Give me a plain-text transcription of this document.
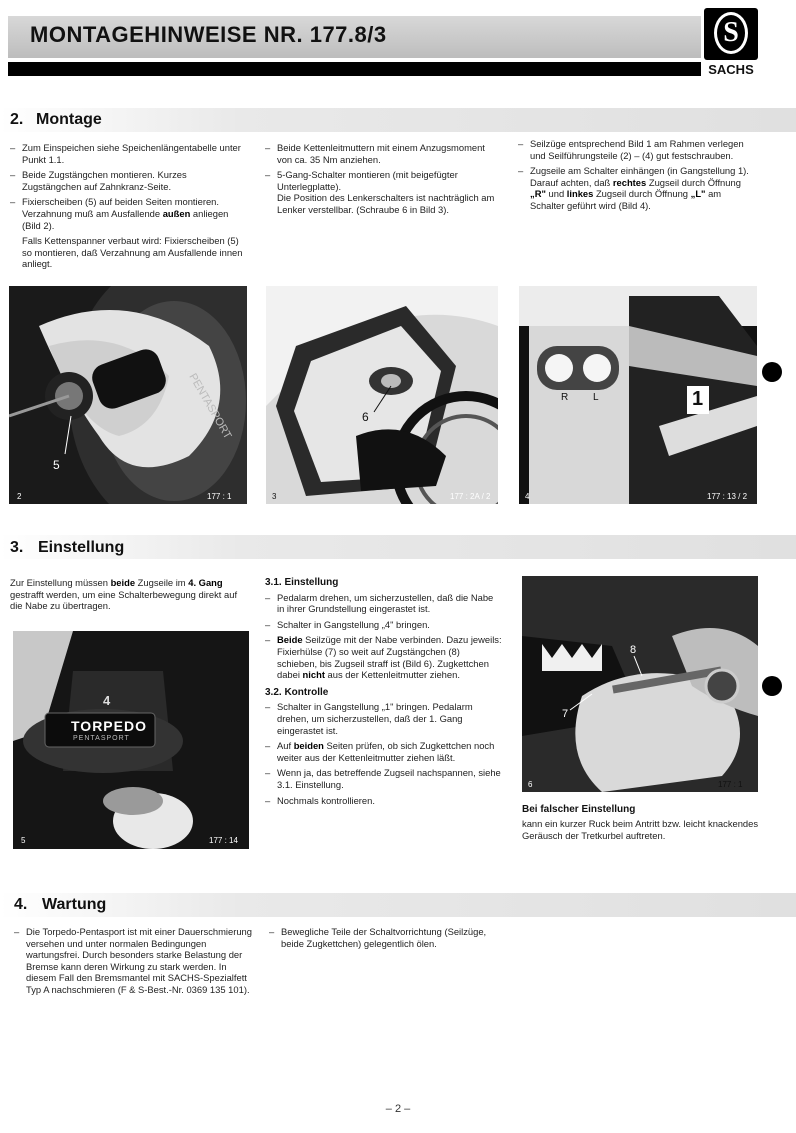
MONTAGEHINWEISE NR. 177.8/3	S
SACHS
2. Montage
– Zum Einspeichen siehe Speichenlängentabelle unter Punkt 1.1.
– Beide Zugstängchen montieren. Kurzes Zugstängchen auf Zahnkranz-Seite.
– Fixierscheiben (5) auf beiden Seiten montieren. Verzahnung muß am Ausfallende außen anliegen (Bild 2).
Falls Kettenspanner verbaut wird: Fixierscheiben (5) so montieren, daß Verzahnung am Ausfallende innen anliegt.
– Beide Kettenleitmuttern mit einem Anzugsmoment von ca. 35 Nm anziehen.
– 5-Gang-Schalter montieren (mit beigefügter Unterlegplatte).
Die Position des Lenkerschalters ist nachträglich am Lenker verstellbar. (Schraube 6 in Bild 3).
– Seilzüge entsprechend Bild 1 am Rahmen verlegen und Seilführungsteile (2) – (4) gut festschrauben.
– Zugseile am Schalter einhängen (in Gangstellung 1). Darauf achten, daß rechtes Zugseil durch Öffnung „R" und linkes Zugseil durch Öffnung „L" am Schalter geführt wird (Bild 4).
PENTASPORT
5
2	177 : 1
6
3	177 : 2A / 2
R L	1
4	177 : 13 / 2
3. Einstellung
Zur Einstellung müssen beide Zugseile im 4. Gang gestrafft werden, um eine Schalterbewegung direkt auf die Nabe zu übertragen.
4
TORPEDO
PENTASPORT
5	177 : 14
3.1. Einstellung
– Pedalarm drehen, um sicherzustellen, daß die Nabe in ihrer Grundstellung eingerastet ist.
– Schalter in Gangstellung „4" bringen.
– Beide Seilzüge mit der Nabe verbinden. Dazu jeweils:
Fixierhülse (7) so weit auf Zugstängchen (8) schieben, bis Zugseil straff ist (Bild 6). Zugkettchen dabei nicht aus der Kettenleitmutter ziehen.
3.2. Kontrolle
– Schalter in Gangstellung „1" bringen. Pedalarm drehen, um sicherzustellen, daß der 1. Gang eingerastet ist.
– Auf beiden Seiten prüfen, ob sich Zugkettchen noch weiter aus der Kettenleitmutter ziehen läßt.
– Wenn ja, das betreffende Zugseil nachspannen, siehe 3.1. Einstellung.
– Nochmals kontrollieren.
7
8
6	177 : 1
Bei falscher Einstellung
kann ein kurzer Ruck beim Antritt bzw. leicht knackendes Geräusch der Tretkurbel auftreten.
4. Wartung
– Die Torpedo-Pentasport ist mit einer Dauerschmierung versehen und unter normalen Bedingungen wartungsfrei. Durch besonders starke Belastung der Bremse kann deren Wirkung zu stark werden. In diesem Fall den Bremsmantel mit SACHS-Spezialfett Typ A nachschmieren (F & S-Best.-Nr. 0369 135 101).
– Bewegliche Teile der Schaltvorrichtung (Seilzüge, beide Zugkettchen) gelegentlich ölen.
– 2 –
